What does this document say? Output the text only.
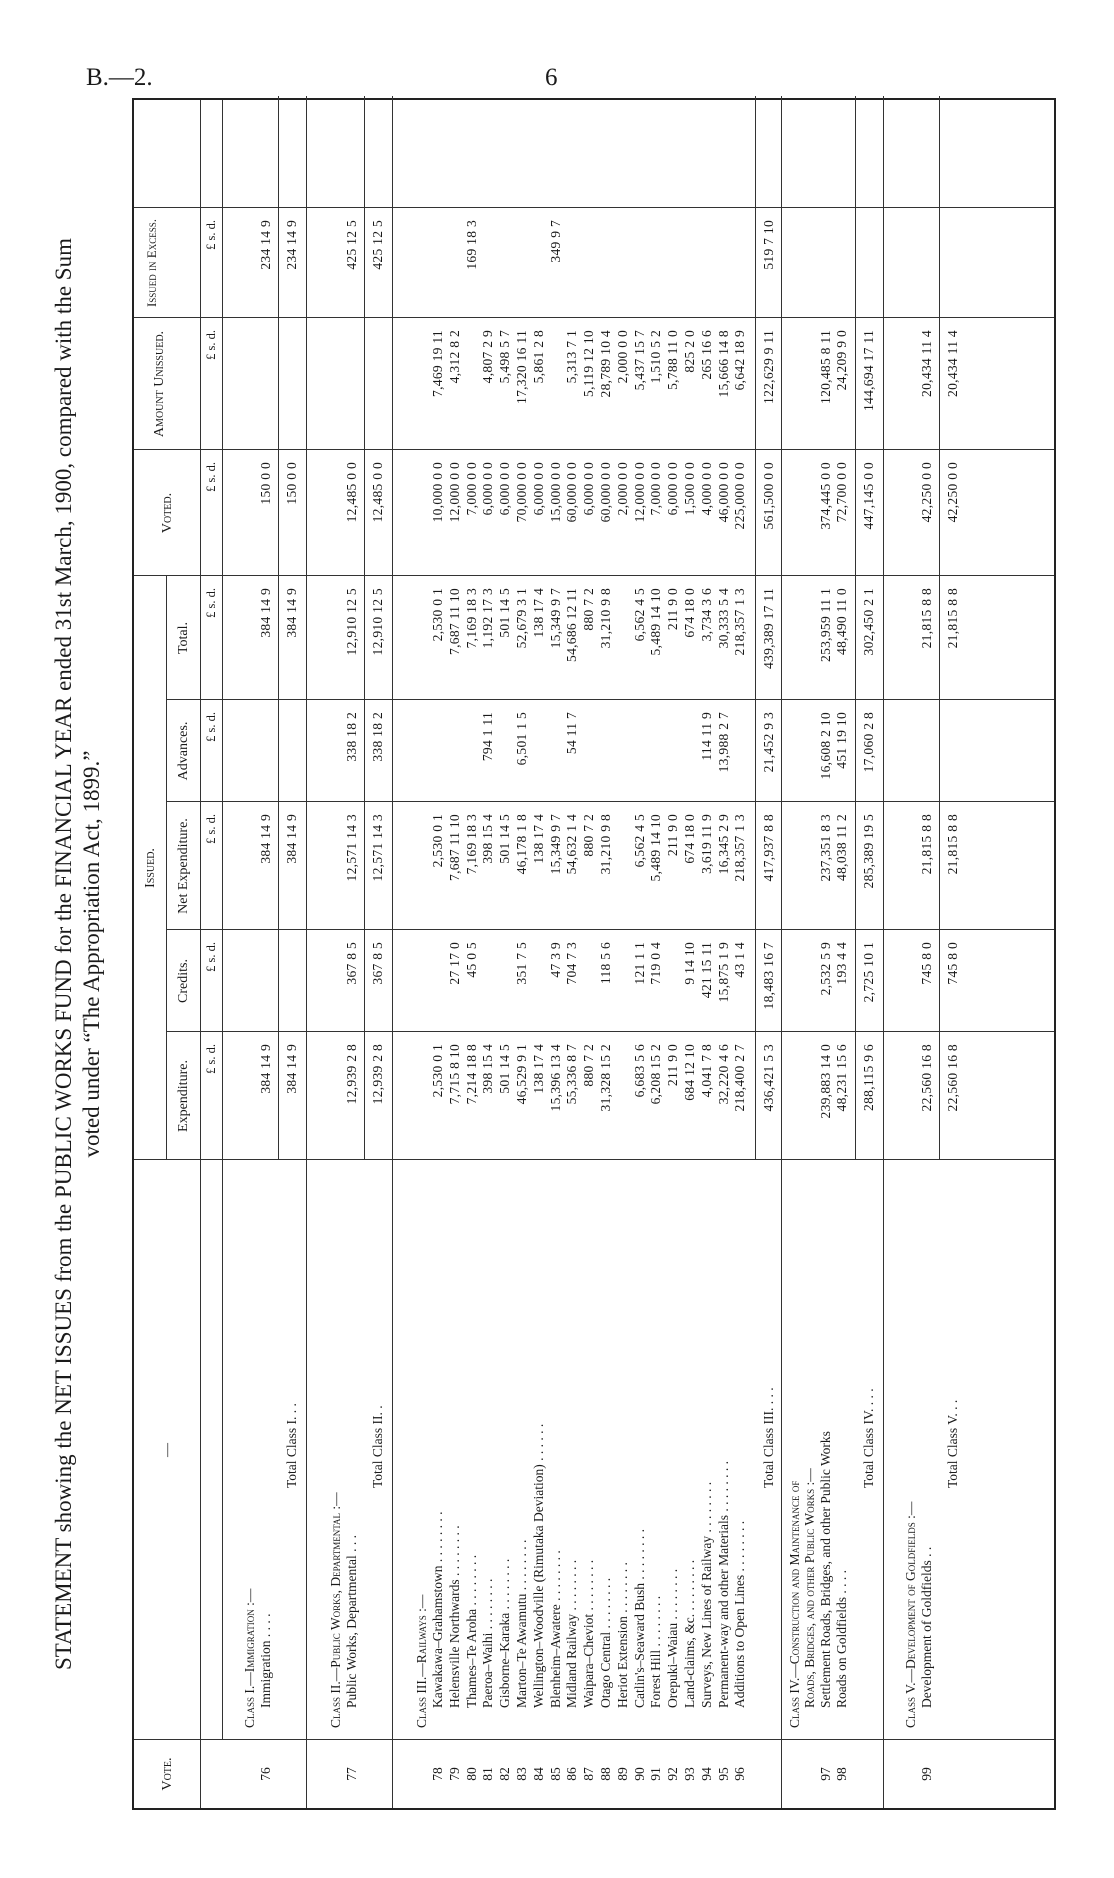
B.—2.	6
STATEMENT showing the NET ISSUES from the PUBLIC WORKS FUND for the FINANCIAL YEAR ended 31st March, 1900, compared with the Sum voted under “The Appropriation Act, 1899.”
Vote.
—
Issued.
Expenditure.
Credits.
Net Expenditure.
Advances.
Total.
Voted.
Amount Unissued.
Issued in Excess.
£ s. d.
£ s. d.
£ s. d.
£ s. d.
£ s. d.
£ s. d.
£ s. d.
£ s. d.
Class I.—Immigration :—
76
Immigration . . . .
384 14 9
384 14 9
384 14 9
150 0 0
234 14 9
Total Class I. . .
384 14 9
384 14 9
384 14 9
150 0 0
234 14 9
Class II.—Public Works, Departmental :—
77
Public Works, Departmental . . .
12,939 2 8
367 8 5
12,571 14 3
338 18 2
12,910 12 5
12,485 0 0
425 12 5
Total Class II. .
12,939 2 8
367 8 5
12,571 14 3
338 18 2
12,910 12 5
12,485 0 0
425 12 5
Class III.—Railways :—
78
Kawakawa–Grahamstown . . . . . . . .
2,530 0 1
2,530 0 1
2,530 0 1
10,000 0 0
7,469 19 11
79
Helensville Northwards . . . . . . . .
7,715 8 10
27 17 0
7,687 11 10
7,687 11 10
12,000 0 0
4,312 8 2
80
Thames–Te Aroha . . . . . . . .
7,214 18 8
45 0 5
7,169 18 3
7,169 18 3
7,000 0 0
169 18 3
81
Paeroa–Waihi . . . . . . . .
398 15 4
398 15 4
794 1 11
1,192 17 3
6,000 0 0
4,807 2 9
82
Gisborne–Karaka . . . . . . . .
501 14 5
501 14 5
501 14 5
6,000 0 0
5,498 5 7
83
Marton–Te Awamutu . . . . . . . .
46,529 9 1
351 7 5
46,178 1 8
6,501 1 5
52,679 3 1
70,000 0 0
17,320 16 11
84
Wellington–Woodville (Rimutaka Deviation) . . . . . .
138 17 4
138 17 4
138 17 4
6,000 0 0
5,861 2 8
85
Blenheim–Awatere . . . . . . . .
15,396 13 4
47 3 9
15,349 9 7
15,349 9 7
15,000 0 0
349 9 7
86
Midland Railway . . . . . . . .
55,336 8 7
704 7 3
54,632 1 4
54 11 7
54,686 12 11
60,000 0 0
5,313 7 1
87
Waipara–Cheviot . . . . . . . .
880 7 2
880 7 2
880 7 2
6,000 0 0
5,119 12 10
88
Otago Central . . . . . . . .
31,328 15 2
118 5 6
31,210 9 8
31,210 9 8
60,000 0 0
28,789 10 4
89
Heriot Extension . . . . . . . .
2,000 0 0
2,000 0 0
90
Catlin's–Seaward Bush . . . . . . . .
6,683 5 6
121 1 1
6,562 4 5
6,562 4 5
12,000 0 0
5,437 15 7
91
Forest Hill . . . . . . . .
6,208 15 2
719 0 4
5,489 14 10
5,489 14 10
7,000 0 0
1,510 5 2
92
Orepuki–Waiau . . . . . . . .
211 9 0
211 9 0
211 9 0
6,000 0 0
5,788 11 0
93
Land-claims, &c. . . . . . . . .
684 12 10
9 14 10
674 18 0
674 18 0
1,500 0 0
825 2 0
94
Surveys, New Lines of Railway . . . . . . . .
4,041 7 8
421 15 11
3,619 11 9
114 11 9
3,734 3 6
4,000 0 0
265 16 6
95
Permanent-way and other Materials . . . . . . . .
32,220 4 6
15,875 1 9
16,345 2 9
13,988 2 7
30,333 5 4
46,000 0 0
15,666 14 8
96
Additions to Open Lines . . . . . . . .
218,400 2 7
43 1 4
218,357 1 3
218,357 1 3
225,000 0 0
6,642 18 9
Total Class III. . . .
436,421 5 3
18,483 16 7
417,937 8 8
21,452 9 3
439,389 17 11
561,500 0 0
122,629 9 11
519 7 10
Class IV.—Construction and Maintenance of Roads, Bridges, and other Public Works :—
97
Settlement Roads, Bridges, and other Public Works
239,883 14 0
2,532 5 9
237,351 8 3
16,608 2 10
253,959 11 1
374,445 0 0
120,485 8 11
98
Roads on Goldfields . . . .
48,231 15 6
193 4 4
48,038 11 2
451 19 10
48,490 11 0
72,700 0 0
24,209 9 0
Total Class IV. . . .
288,115 9 6
2,725 10 1
285,389 19 5
17,060 2 8
302,450 2 1
447,145 0 0
144,694 17 11
Class V.—Development of Goldfields :—
99
Development of Goldfields . .
22,560 16 8
745 8 0
21,815 8 8
21,815 8 8
42,250 0 0
20,434 11 4
Total Class V. . .
22,560 16 8
745 8 0
21,815 8 8
21,815 8 8
42,250 0 0
20,434 11 4
